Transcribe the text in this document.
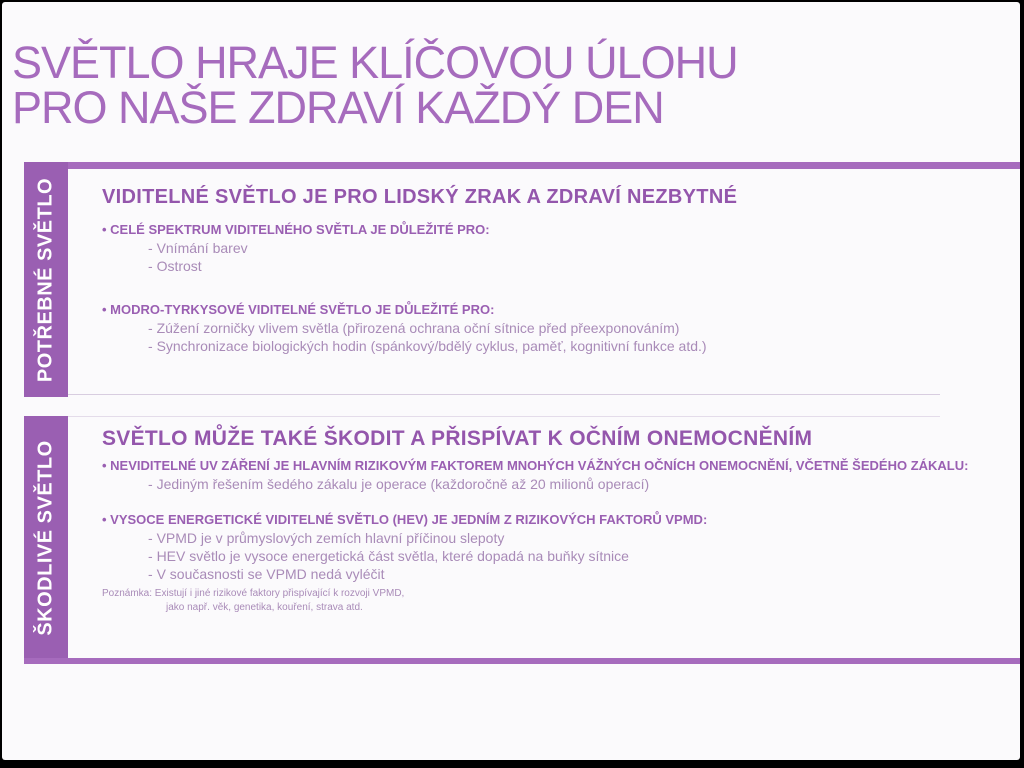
SVĚTLO HRAJE KLÍČOVOU ÚLOHU
PRO NAŠE ZDRAVÍ KAŽDÝ DEN
POTŘEBNÉ SVĚTLO VIDITELNÉ SVĚTLO JE PRO LIDSKÝ ZRAK A ZDRAVÍ NEZBYTNÉ
• CELÉ SPEKTRUM VIDITELNÉHO SVĚTLA JE DŮLEŽITÉ PRO:
- Vnímání barev
- Ostrost
• MODRO-TYRKYSOVÉ VIDITELNÉ SVĚTLO JE DŮLEŽITÉ PRO:
- Zúžení zorničky vlivem světla (přirozená ochrana oční sítnice před přeexponováním)
- Synchronizace biologických hodin (spánkový/bdělý cyklus, paměť, kognitivní funkce atd.)
ŠKODLIVÉ SVĚTLO
SVĚTLO MŮŽE TAKÉ ŠKODIT A PŘISPÍVAT K OČNÍM ONEMOCNĚNÍM
• NEVIDITELNÉ UV ZÁŘENÍ JE HLAVNÍM RIZIKOVÝM FAKTOREM MNOHÝCH VÁŽNÝCH OČNÍCH ONEMOCNĚNÍ, VČETNĚ ŠEDÉHO ZÁKALU:
- Jediným řešením šedého zákalu je operace (každoročně až 20 milionů operací)
• VYSOCE ENERGETICKÉ VIDITELNÉ SVĚTLO (HEV) JE JEDNÍM Z RIZIKOVÝCH FAKTORŮ VPMD:
- VPMD je v průmyslových zemích hlavní příčinou slepoty
- HEV světlo je vysoce energetická část světla, které dopadá na buňky sítnice
- V současnosti se VPMD nedá vyléčit
Poznámka: Existují i jiné rizikové faktory přispívající k rozvoji VPMD,
jako např. věk, genetika, kouření, strava atd.
